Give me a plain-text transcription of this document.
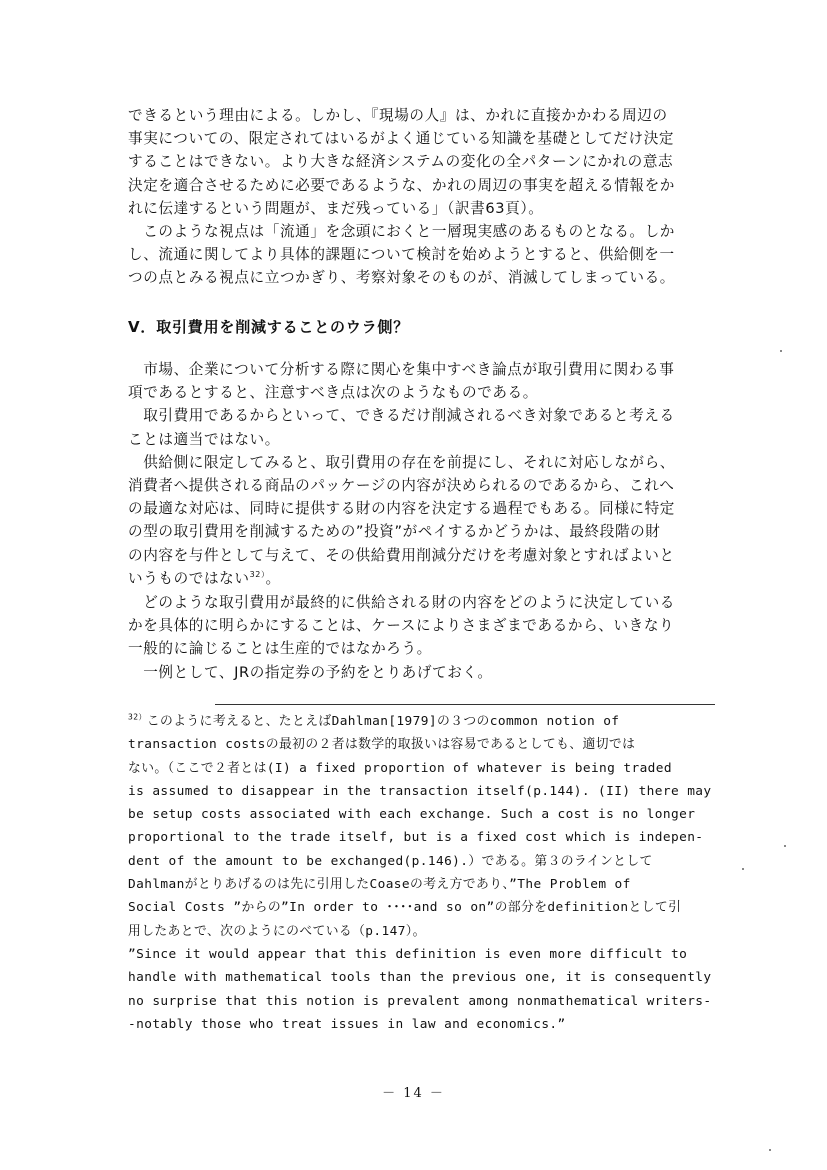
できるという理由による。しかし、『現場の人』は、かれに直接かかわる周辺の
事実についての、限定されてはいるがよく通じている知識を基礎としてだけ決定
することはできない。より大きな経済システムの変化の全パターンにかれの意志
決定を適合させるために必要であるような、かれの周辺の事実を超える情報をか
れに伝達するという問題が、まだ残っている」（訳書63頁）。
　このような視点は「流通」を念頭におくと一層現実感のあるものとなる。しか
し、流通に関してより具体的課題について検討を始めようとすると、供給側を一
つの点とみる視点に立つかぎり、考察対象そのものが、消滅してしまっている。
Ⅴ．取引費用を削減することのウラ側？
　市場、企業について分析する際に関心を集中すべき論点が取引費用に関わる事
項であるとすると、注意すべき点は次のようなものである。
　取引費用であるからといって、できるだけ削減されるべき対象であると考える
ことは適当ではない。
　供給側に限定してみると、取引費用の存在を前提にし、それに対応しながら、
消費者へ提供される商品のパッケージの内容が決められるのであるから、これへ
の最適な対応は、同時に提供する財の内容を決定する過程でもある。同様に特定
の型の取引費用を削減するための”投資”がペイするかどうかは、最終段階の財
の内容を与件として与えて、その供給費用削減分だけを考慮対象とすればよいと
いうものではない$^{32)}$。
　どのような取引費用が最終的に供給される財の内容をどのように決定している
かを具体的に明らかにすることは、ケースによりさまざまであるから、いきなり
一般的に論じることは生産的ではなかろう。
　一例として、JRの指定券の予約をとりあげておく。
$^{32)}$このように考えると、たとえばDahlman[1979]の３つのcommon notion of
transaction costsの最初の２者は数学的取扱いは容易であるとしても、適切では
ない。（ここで２者とは(I) a fixed proportion of whatever is being traded
is assumed to disappear in the transaction itself(p.144). (II) there may
be setup costs associated with each exchange. Such a cost is no longer
proportional to the trade itself, but is a fixed cost which is indepen-
dent of the amount to be exchanged(p.146).）である。第３のラインとして
Dahlmanがとりあげるのは先に引用したCoaseの考え方であり、”The Problem of
Social Costs ”からの”In order to ････and so on”の部分をdefinitionとして引
用したあとで、次のようにのべている（p.147）。
”Since it would appear that this definition is even more difficult to
handle with mathematical tools than the previous one, it is consequently
no surprise that this notion is prevalent among nonmathematical writers-
-notably those who treat issues in law and economics.”

－ 14 －
